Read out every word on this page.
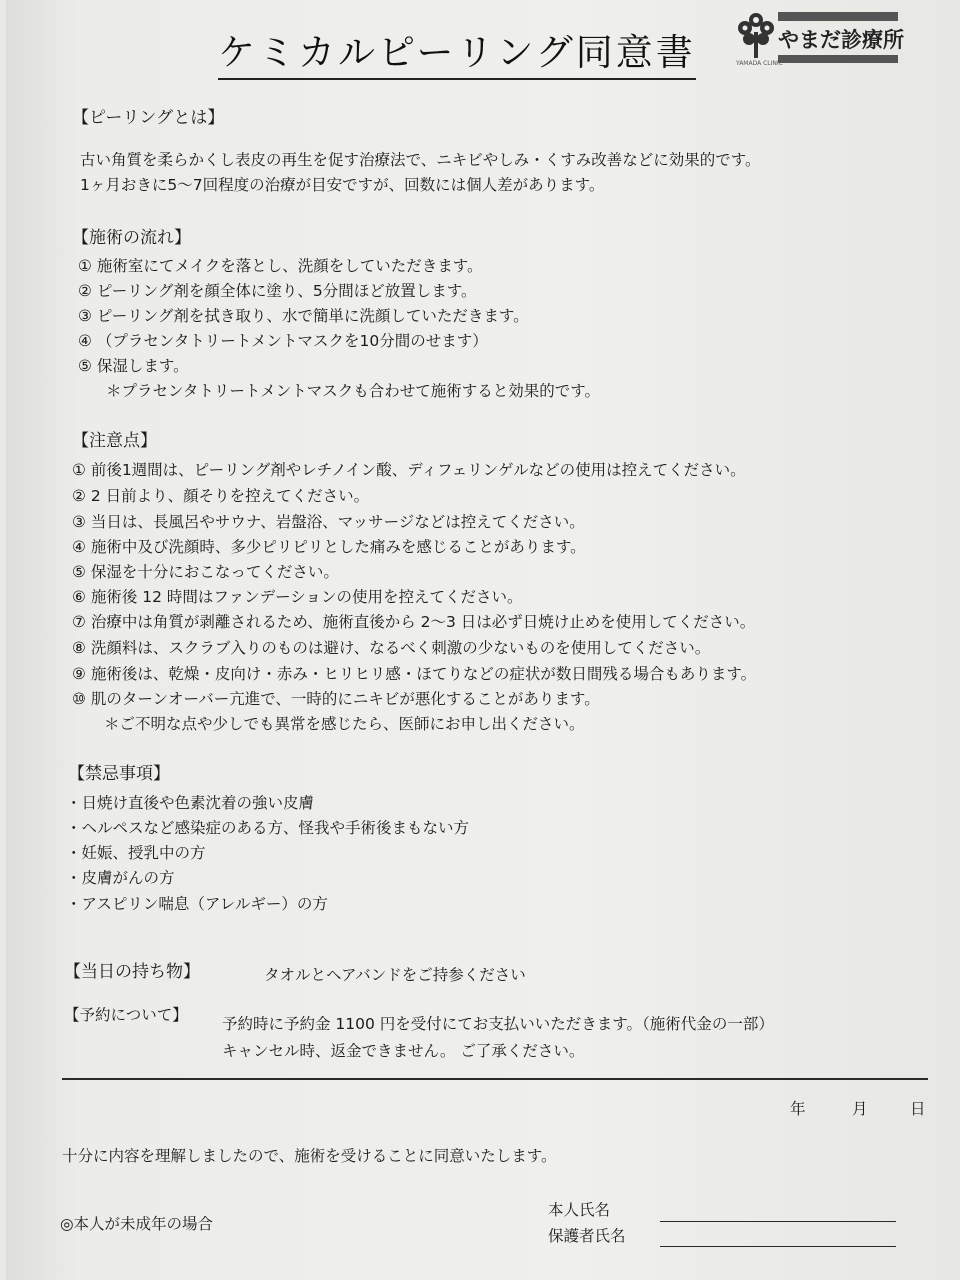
ケミカルピーリング同意書	やまだ診療所
YAMADA CLINIC
【ピーリングとは】
古い角質を柔らかくし表皮の再生を促す治療法で、ニキビやしみ・くすみ改善などに効果的です。
1ヶ月おきに5～7回程度の治療が目安ですが、回数には個人差があります。
【施術の流れ】
① 施術室にてメイクを落とし、洗顔をしていただきます。
② ピーリング剤を顔全体に塗り、5分間ほど放置します。
③ ピーリング剤を拭き取り、水で簡単に洗顔していただきます。
④ （プラセンタトリートメントマスクを10分間のせます）
⑤ 保湿します。
＊プラセンタトリートメントマスクも合わせて施術すると効果的です。
【注意点】
① 前後1週間は、ピーリング剤やレチノイン酸、ディフェリンゲルなどの使用は控えてください。
② 2 日前より、顔そりを控えてください。
③ 当日は、長風呂やサウナ、岩盤浴、マッサージなどは控えてください。
④ 施術中及び洗顔時、多少ピリピリとした痛みを感じることがあります。
⑤ 保湿を十分におこなってください。
⑥ 施術後 12 時間はファンデーションの使用を控えてください。
⑦ 治療中は角質が剥離されるため、施術直後から 2～3 日は必ず日焼け止めを使用してください。
⑧ 洗顔料は、スクラブ入りのものは避け、なるべく刺激の少ないものを使用してください。
⑨ 施術後は、乾燥・皮向け・赤み・ヒリヒリ感・ほてりなどの症状が数日間残る場合もあります。
⑩ 肌のターンオーバー亢進で、一時的にニキビが悪化することがあります。
＊ご不明な点や少しでも異常を感じたら、医師にお申し出ください。
【禁忌事項】
・日焼け直後や色素沈着の強い皮膚
・ヘルペスなど感染症のある方、怪我や手術後まもない方
・妊娠、授乳中の方
・皮膚がんの方
・アスピリン喘息（アレルギー）の方
【当日の持ち物】	タオルとヘアバンドをご持参ください
【予約について】 予約時に予約金 1100 円を受付にてお支払いいただきます。（施術代金の一部）
キャンセル時、返金できません。 ご了承ください。
年	月	日
十分に内容を理解しましたので、施術を受けることに同意いたします。
◎本人が未成年の場合
本人氏名
保護者氏名
